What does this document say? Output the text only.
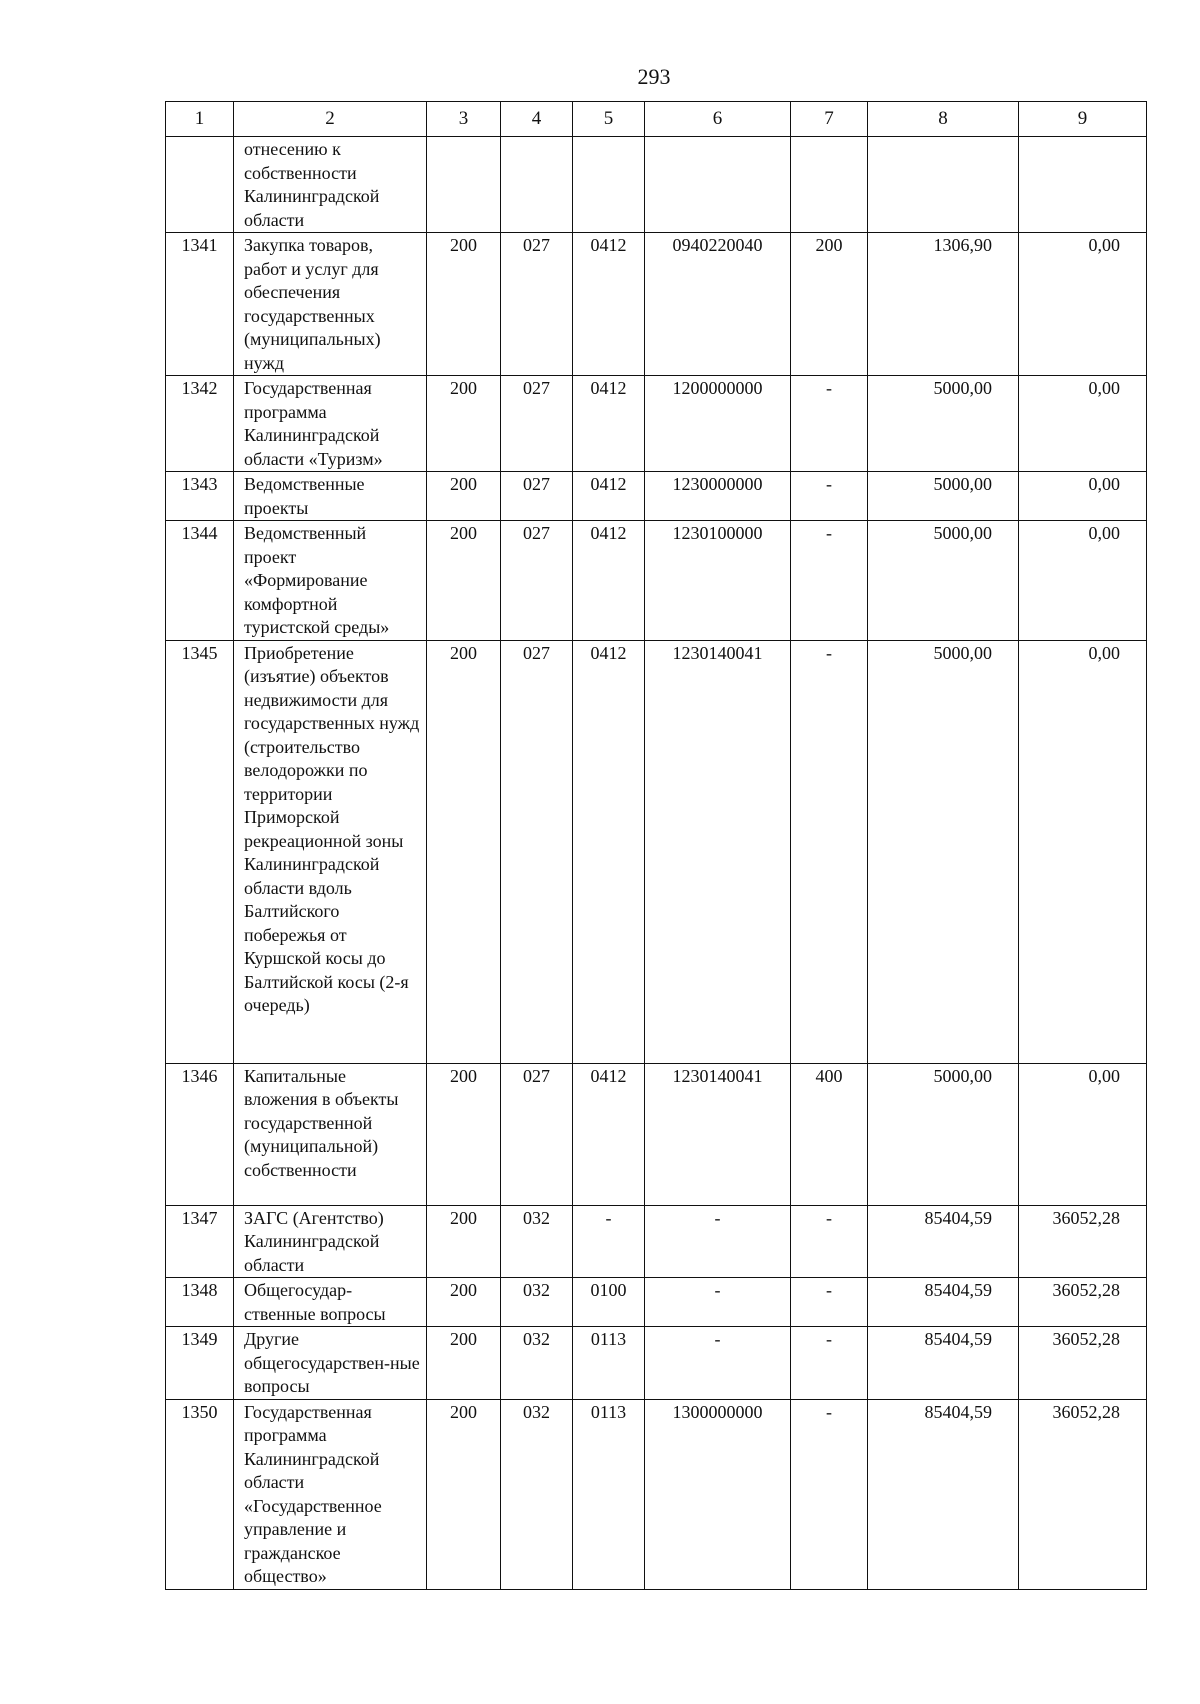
293
1	2	3	4	5	6	7	8	9
	отнесению к собственности Калининградской области							
1341	Закупка товаров, работ и услуг для обеспечения государственных (муниципальных) нужд	200	027	0412	0940220040	200	1306,90	0,00
1342	Государственная программа Калининградской области «Туризм»	200	027	0412	1200000000	-	5000,00	0,00
1343	Ведомственные проекты	200	027	0412	1230000000	-	5000,00	0,00
1344	Ведомственный проект «Формирование комфортной туристской среды»	200	027	0412	1230100000	-	5000,00	0,00
1345	Приобретение (изъятие) объектов недвижимости для государственных нужд (строительство велодорожки по территории Приморской рекреационной зоны Калининградской области вдоль Балтийского побережья от Куршской косы до Балтийской косы (2-я очередь)	200	027	0412	1230140041	-	5000,00	0,00
1346	Капитальные вложения в объекты государственной (муниципальной) собственности	200	027	0412	1230140041	400	5000,00	0,00
1347	ЗАГС (Агентство) Калининградской области	200	032	-	-	-	85404,59	36052,28
1348	Общегосудар-ственные вопросы	200	032	0100	-	-	85404,59	36052,28
1349	Другие общегосударствен-ные вопросы	200	032	0113	-	-	85404,59	36052,28
1350	Государственная программа Калининградской области «Государственное управление и гражданское общество»	200	032	0113	1300000000	-	85404,59	36052,28
